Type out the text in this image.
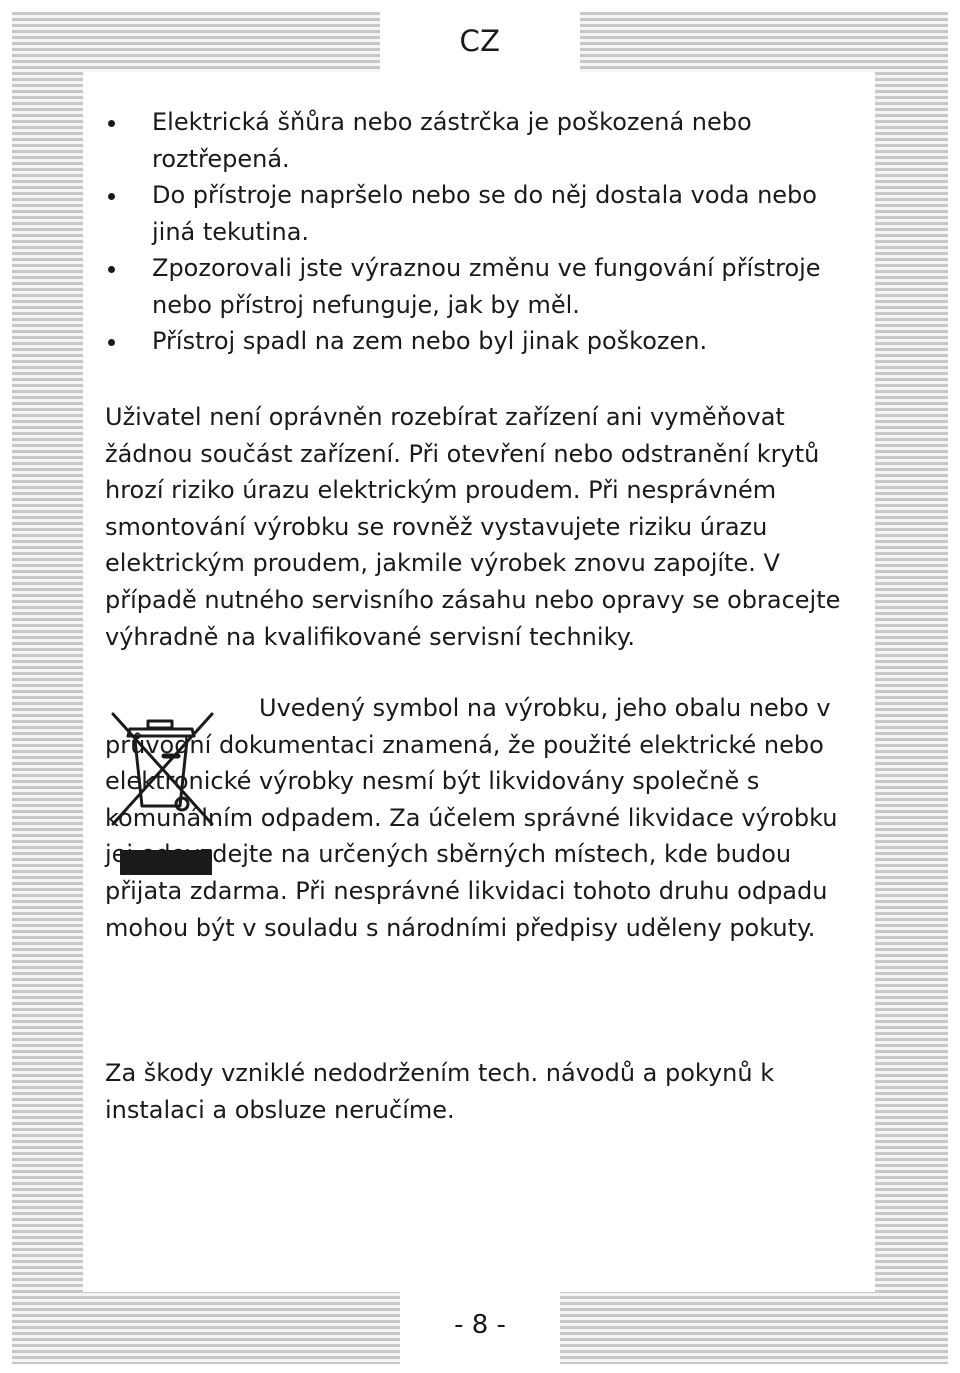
CZ
Elektrická šňůra nebo zástrčka je poškozená nebo roztřepená.
Do přístroje napršelo nebo se do něj dostala voda nebo jiná tekutina.
Zpozorovali jste výraznou změnu ve fungování přístroje nebo přístroj nefunguje, jak by měl.
Přístroj spadl na zem nebo byl jinak poškozen.

Uživatel není oprávněn rozebírat zařízení ani vyměňovat žádnou součást zařízení. Při otevření nebo odstranění krytů hrozí riziko úrazu elektrickým proudem. Při nesprávném smontování výrobku se rovněž vystavujete riziku úrazu elektrickým proudem, jakmile výrobek znovu zapojíte. V případě nutného servisního zásahu nebo opravy se obracejte výhradně na kvalifikované servisní techniky.

Uvedený symbol na výrobku, jeho obalu nebo v průvodní dokumentaci znamená, že použité elektrické nebo elektronické výrobky nesmí být likvidovány společně s komunálním odpadem. Za účelem správné likvidace výrobku jej odevzdejte na určených sběrných místech, kde budou přijata zdarma. Při nesprávné likvidaci tohoto druhu odpadu mohou být v souladu s národními předpisy uděleny pokuty.

Za škody vzniklé nedodržením tech. návodů a pokynů k instalaci a obsluze neručíme.

- 8 -
